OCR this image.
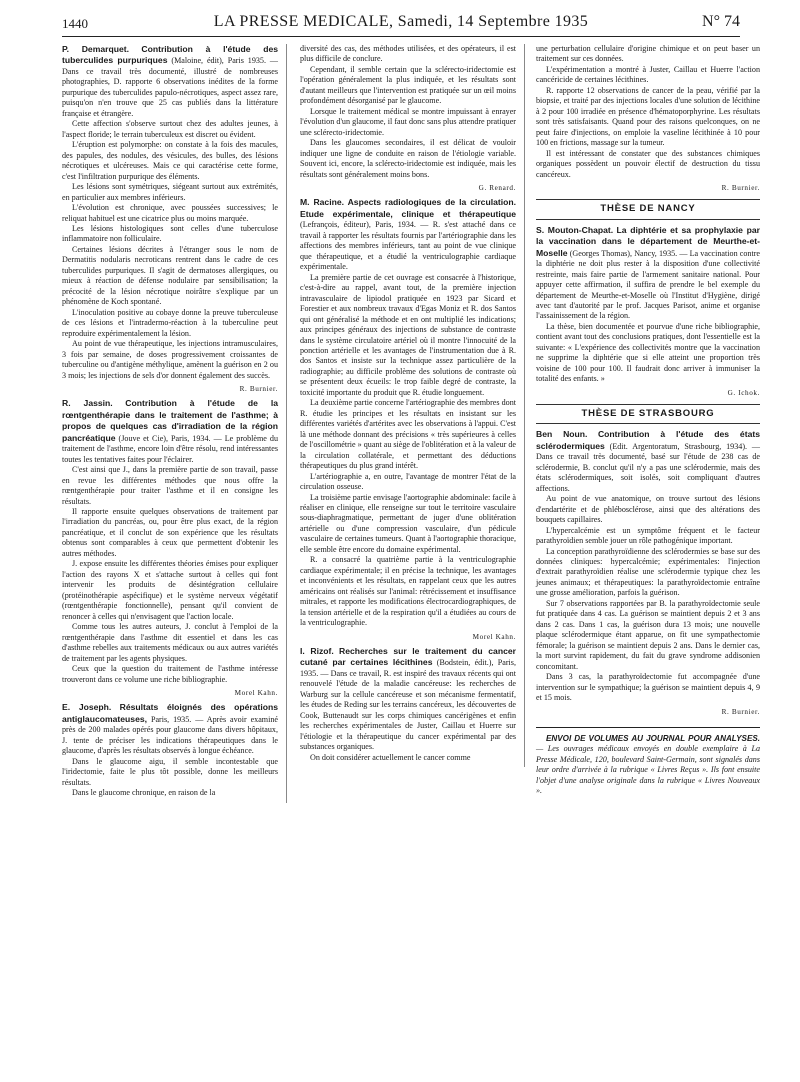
1440	LA PRESSE MEDICALE, Samedi, 14 Septembre 1935	N° 74

P. Demarquet. Contribution à l'étude des tuberculides purpuriques (Maloine, édit), Paris 1935. — Dans ce travail très documenté, illustré de nombreuses photographies, D. rapporte 6 observations inédites de la forme purpurique des tuberculides papulo-nécrotiques, aspect assez rare, puisqu'on n'en trouve que 25 cas publiés dans la littérature française et étrangère.

Cette affection s'observe surtout chez des adultes jeunes, à l'aspect floride; le terrain tuberculeux est discret ou évident.

L'éruption est polymorphe: on constate à la fois des macules, des papules, des nodules, des vésicules, des bulles, des lésions nécrotiques et ulcéreuses. Mais ce qui caractérise cette forme, c'est l'infiltration purpurique des éléments.

Les lésions sont symétriques, siégeant surtout aux extrémités, en particulier aux membres inférieurs.

L'évolution est chronique, avec poussées successives; le reliquat habituel est une cicatrice plus ou moins marquée.

Les lésions histologiques sont celles d'une tuberculose inflammatoire non folliculaire.

Certaines lésions décrites à l'étranger sous le nom de Dermatitis nodularis necroticans rentrent dans le cadre de ces tuberculides purpuriques. Il s'agit de dermatoses allergiques, ou mieux à réaction de défense nodulaire par sensibilisation; la précocité de la lésion nécrotique noirâtre s'explique par un phénomène de Koch spontané.

L'inoculation positive au cobaye donne la preuve tuberculeuse de ces lésions et l'intradermo-réaction à la tuberculine peut reproduire expérimentalement la lésion.

Au point de vue thérapeutique, les injections intramusculaires, 3 fois par semaine, de doses progressivement croissantes de tuberculine ou d'antigène méthylique, amènent la guérison en 2 ou 3 mois; les injections de sels d'or donnent également des succès.

R. Burnier.

R. Jassin. Contribution à l'étude de la rœntgenthérapie dans le traitement de l'asthme; à propos de quelques cas d'irradiation de la région pancréatique (Jouve et Cie), Paris, 1934. — Le problème du traitement de l'asthme, encore loin d'être résolu, rend intéressantes toutes les tentatives faites pour l'éclairer.

C'est ainsi que J., dans la première partie de son travail, passe en revue les différentes méthodes que nous offre la rœntgenthérapie pour traiter l'asthme et il en consigne les résultats.

Il rapporte ensuite quelques observations de traitement par l'irradiation du pancréas, ou, pour être plus exact, de la région pancréatique, et il conclut de son expérience que les résultats obtenus sont comparables à ceux que permettent d'obtenir les autres méthodes.

J. expose ensuite les différentes théories émises pour expliquer l'action des rayons X et s'attache surtout à celles qui font intervenir les produits de désintégration cellulaire (protéinothérapie aspécifique) et le système nerveux végétatif (rœntgenthérapie fonctionnelle), pensant qu'il convient de renoncer à celles qui n'envisagent que l'action locale.

Comme tous les autres auteurs, J. conclut à l'emploi de la rœntgenthérapie dans l'asthme dit essentiel et dans les cas d'asthme rebelles aux traitements médicaux ou aux autres variétés de traitement par les agents physiques.

Ceux que la question du traitement de l'asthme intéresse trouveront dans ce volume une riche bibliographie.

Morel Kahn.

E. Joseph. Résultats éloignés des opérations antiglaucomateuses, Paris, 1935. — Après avoir examiné près de 200 malades opérés pour glaucome dans divers hôpitaux, J. tente de préciser les indications thérapeutiques dans le glaucome, d'après les résultats observés à longue échéance.

Dans le glaucome aigu, il semble incontestable que l'iridectomie, faite le plus tôt possible, donne les meilleurs résultats.

Dans le glaucome chronique, en raison de la

diversité des cas, des méthodes utilisées, et des opérateurs, il est plus difficile de conclure.

Cependant, il semble certain que la sclérecto-iridectomie est l'opération généralement la plus indiquée, et les résultats sont d'autant meilleurs que l'intervention est pratiquée sur un œil moins profondément désorganisé par le glaucome.

Lorsque le traitement médical se montre impuissant à enrayer l'évolution d'un glaucome, il faut donc sans plus attendre pratiquer une sclérecto-iridectomie.

Dans les glaucomes secondaires, il est délicat de vouloir indiquer une ligne de conduite en raison de l'étiologie variable. Souvent ici, encore, la sclérecto-iridectomie est indiquée, mais les résultats sont généralement moins bons.

G. Renard.

M. Racine. Aspects radiologiques de la circulation. Etude expérimentale, clinique et thérapeutique (Lefrançois, éditeur), Paris, 1934. — R. s'est attaché dans ce travail à rapporter les résultats fournis par l'artériographie dans les affections des membres inférieurs, tant au point de vue clinique que thérapeutique, et a étudié la ventriculographie cardiaque expérimentale.

La première partie de cet ouvrage est consacrée à l'historique, c'est-à-dire au rappel, avant tout, de la première injection intravasculaire de lipiodol pratiquée en 1923 par Sicard et Forestier et aux nombreux travaux d'Egas Moniz et R. dos Santos qui ont généralisé la méthode et en ont multiplié les indications; aux principes généraux des injections de substance de contraste dans le système circulatoire artériel où il montre l'innocuité de la ponction artérielle et les avantages de l'instrumentation due à R. dos Santos et insiste sur la technique assez particulière de la radiographie; au difficile problème des solutions de contraste où se présentent deux écueils: le trop faible degré de contraste, la toxicité importante du produit que R. étudie longuement.

La deuxième partie concerne l'artériographie des membres dont R. étudie les principes et les résultats en insistant sur les différentes variétés d'artérites avec les observations à l'appui. C'est là une méthode donnant des précisions « très supérieures à celles de l'oscillométrie » quant au siège de l'oblitération et à la valeur de la circulation collatérale, et permettant des déductions thérapeutiques du plus grand intérêt.

L'artériographie a, en outre, l'avantage de montrer l'état de la circulation osseuse.

La troisième partie envisage l'aortographie abdominale: facile à réaliser en clinique, elle renseigne sur tout le territoire vasculaire sous-diaphragmatique, permettant de juger d'une oblitération artérielle ou d'une compression vasculaire, d'un pédicule vasculaire de certaines tumeurs. Quant à l'aortographie thoracique, elle semble être encore du domaine expérimental.

R. a consacré la quatrième partie à la ventriculographie cardiaque expérimentale; il en précise la technique, les avantages et inconvénients et les résultats, en rappelant ceux que les autres américains ont réalisés sur l'animal: rétrécissement et insuffisance mitrales, et rapporte les modifications électrocardiographiques, de la tension artérielle et de la respiration qu'il a étudiées au cours de la ventriculographie.

Morel Kahn.

I. Rizof. Recherches sur le traitement du cancer cutané par certaines lécithines (Bodstein, édit.), Paris, 1935. — Dans ce travail, R. est inspiré des travaux récents qui ont renouvelé l'étude de la maladie cancéreuse: les recherches de Warburg sur la cellule cancéreuse et son mécanisme fermentatif, les études de Reding sur les terrains cancéreux, les découvertes de Cook, Buttenaudt sur les corps chimiques cancérigènes et enfin les recherches expérimentales de Juster, Caillau et Huerre sur l'étiologie et la thérapeutique du cancer expérimental par des substances organiques.

On doit considérer actuellement le cancer comme

une perturbation cellulaire d'origine chimique et on peut baser un traitement sur ces données.

L'expérimentation a montré à Juster, Caillau et Huerre l'action cancéricide de certaines lécithines.

R. rapporte 12 observations de cancer de la peau, vérifié par la biopsie, et traité par des injections locales d'une solution de lécithine à 2 pour 100 irradiée en présence d'hématoporphyrine. Les résultats sont très satisfaisants. Quand pour des raisons quelconques, on ne peut faire d'injections, on emploie la vaseline lécithinée à 10 pour 100 en frictions, massage sur la tumeur.

Il est intéressant de constater que des substances chimiques organiques possèdent un pouvoir électif de destruction du tissu cancéreux.

R. Burnier.
THÈSE DE NANCY

S. Mouton-Chapat. La diphtérie et sa prophylaxie par la vaccination dans le département de Meurthe-et-Moselle (Georges Thomas), Nancy, 1935. — La vaccination contre la diphtérie ne doit plus rester à la disposition d'une collectivité restreinte, mais faire partie de l'armement sanitaire national. Pour appuyer cette affirmation, il suffira de prendre le bel exemple du département de Meurthe-et-Moselle où l'Institut d'Hygiène, dirigé avec tant d'autorité par le prof. Jacques Parisot, anime et organise l'assainissement de la région.

La thèse, bien documentée et pourvue d'une riche bibliographie, contient avant tout des conclusions pratiques, dont l'essentielle est la suivante: « L'expérience des collectivités montre que la vaccination ne supprime la diphtérie que si elle atteint une proportion très voisine de 100 pour 100. Il faudrait donc arriver à immuniser la totalité des enfants. »

G. Ichok.
THÈSE DE STRASBOURG

Ben Noun. Contribution à l'étude des états sclérodermiques (Edit. Argentoratum, Strasbourg, 1934). — Dans ce travail très documenté, basé sur l'étude de 238 cas de sclérodermie, B. conclut qu'il n'y a pas une sclérodermie, mais des états sclérodermiques, soit isolés, soit compliquant d'autres affections.

Au point de vue anatomique, on trouve surtout des lésions d'endartérite et de phlébosclérose, ainsi que des altérations des bouquets capillaires.

L'hypercalcémie est un symptôme fréquent et le facteur parathyroïdien semble jouer un rôle pathogénique important.

La conception parathyroïdienne des sclérodermies se base sur des données cliniques: hypercalcémie; expérimentales: l'injection d'extrait parathyroïdien réalise une sclérodermie typique chez les jeunes animaux; et thérapeutiques: la parathyroïdectomie entraîne une grosse amélioration, parfois la guérison.

Sur 7 observations rapportées par B. la parathyroïdectomie seule fut pratiquée dans 4 cas. La guérison se maintient depuis 2 et 3 ans dans 2 cas. Dans 1 cas, la guérison dura 13 mois; une nouvelle plaque sclérodermique étant apparue, on fit une sympathectomie fémorale; la guérison se maintient depuis 2 ans. Dans le dernier cas, la mort survint rapidement, du fait du grave syndrome addisonien concomitant.

Dans 3 cas, la parathyroïdectomie fut accompagnée d'une intervention sur le sympathique; la guérison se maintient depuis 4, 9 et 15 mois.

R. Burnier.

ENVOI DE VOLUMES AU JOURNAL POUR ANALYSES. — Les ouvrages médicaux envoyés en double exemplaire à La Presse Médicale, 120, boulevard Saint-Germain, sont signalés dans leur ordre d'arrivée à la rubrique « Livres Reçus ». Ils font ensuite l'objet d'une analyse originale dans la rubrique « Livres Nouveaux ».
